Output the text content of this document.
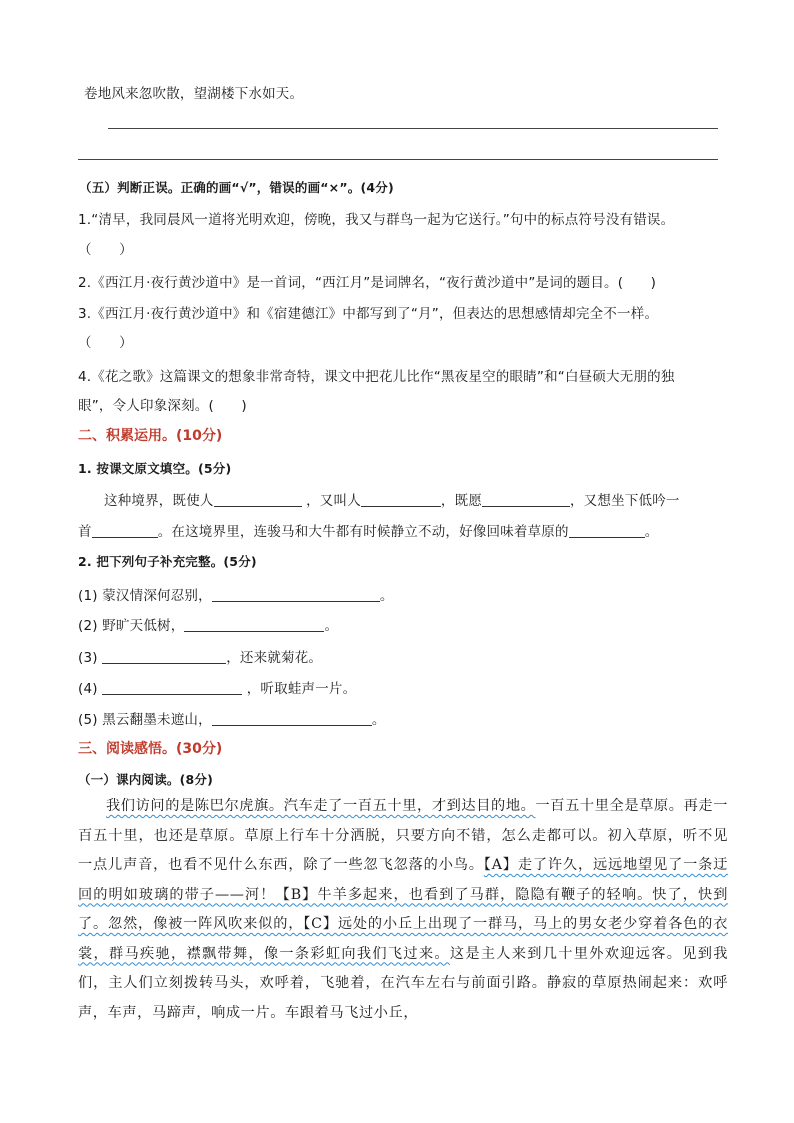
卷地风来忽吹散，望湖楼下水如天。
（五）判断正误。正确的画“√”，错误的画“×”。(4分)
1.“清早，我同晨风一道将光明欢迎，傍晚，我又与群鸟一起为它送行。”句中的标点符号没有错误。
（　　）
2.《西江月·夜行黄沙道中》是一首词，“西江月”是词牌名，“夜行黄沙道中”是词的题目。(　　)
3.《西江月·夜行黄沙道中》和《宿建德江》中都写到了“月”，但表达的思想感情却完全不一样。
（　　）
4.《花之歌》这篇课文的想象非常奇特，课文中把花儿比作“黑夜星空的眼睛”和“白昼硕大无朋的独
眼”，令人印象深刻。(　　)
二、积累运用。(10分)
1. 按课文原文填空。(5分)
这种境界，既使人	，又叫人	，既愿	，又想坐下低吟一
首	。在这境界里，连骏马和大牛都有时候静立不动，好像回味着草原的	。
2. 把下列句子补充完整。(5分)
(1) 蒙汉情深何忍别，	。
(2) 野旷天低树，	。
(3)	，还来就菊花。
(4)	，听取蛙声一片。
(5) 黑云翻墨未遮山，	。
三、阅读感悟。(30分)
（一）课内阅读。(8分)
我们访问的是陈巴尔虎旗。汽车走了一百五十里，才到达目的地。一百五十里全是草原。再走一百五十里，也还是草原。草原上行车十分洒脱，只要方向不错，怎么走都可以。初入草原，听不见一点儿声音，也看不见什么东西，除了一些忽飞忽落的小鸟。【A】走了许久，远远地望见了一条迂回的明如玻璃的带子——河！【B】牛羊多起来，也看到了马群，隐隐有鞭子的轻响。快了，快到了。忽然，像被一阵风吹来似的，【C】远处的小丘上出现了一群马，马上的男女老少穿着各色的衣裳，群马疾驰，襟飘带舞，像一条彩虹向我们飞过来。这是主人来到几十里外欢迎远客。见到我们，主人们立刻拨转马头，欢呼着，飞驰着，在汽车左右与前面引路。静寂的草原热闹起来：欢呼声，车声，马蹄声，响成一片。车跟着马飞过小丘，
